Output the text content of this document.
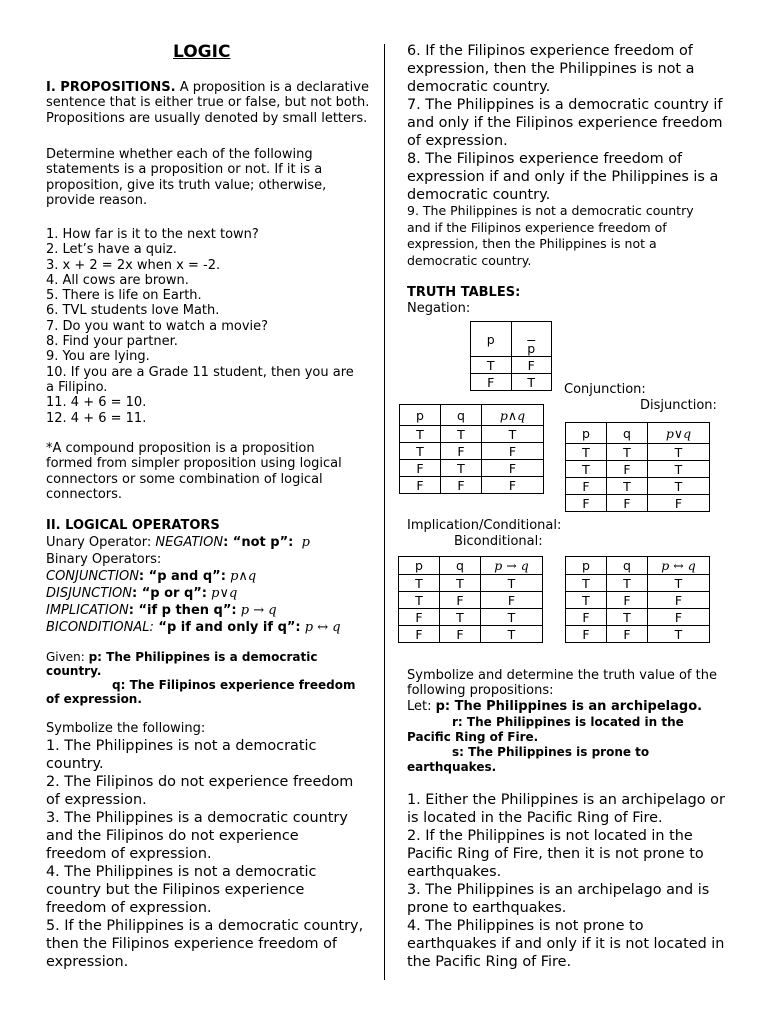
LOGIC
I. PROPOSITIONS. A proposition is a declarative
sentence that is either true or false, but not both.
Propositions are usually denoted by small letters.
Determine whether each of the following
statements is a proposition or not. If it is a
proposition, give its truth value; otherwise,
provide reason.
1. How far is it to the next town?
2. Let’s have a quiz.
3. x + 2 = 2x when x = -2.
4. All cows are brown.
5. There is life on Earth.
6. TVL students love Math.
7. Do you want to watch a movie?
8. Find your partner.
9. You are lying.
10. If you are a Grade 11 student, then you are
a Filipino.
11. 4 + 6 = 10.
12. 4 + 6 = 11.
*A compound proposition is a proposition
formed from simpler proposition using logical
connectors or some combination of logical
connectors.
II. LOGICAL OPERATORS
Unary Operator: NEGATION: “not p”: p
Binary Operators:
CONJUNCTION: “p and q”: p∧q
DISJUNCTION: “p or q”: p∨q
IMPLICATION: “if p then q”: p → q
BICONDITIONAL: “p if and only if q”: p ↔ q
Given: p: The Philippines is a democratic
country.
q: The Filipinos experience freedom
of expression.
Symbolize the following:
1. The Philippines is not a democratic
country.
2. The Filipinos do not experience freedom
of expression.
3. The Philippines is a democratic country
and the Filipinos do not experience
freedom of expression.
4. The Philippines is not a democratic
country but the Filipinos experience
freedom of expression.
5. If the Philippines is a democratic country,
then the Filipinos experience freedom of
expression.
6. If the Filipinos experience freedom of
expression, then the Philippines is not a
democratic country.
7. The Philippines is a democratic country if
and only if the Filipinos experience freedom
of expression.
8. The Filipinos experience freedom of
expression if and only if the Philippines is a
democratic country.
9. The Philippines is not a democratic country
and if the Filipinos experience freedom of
expression, then the Philippines is not a
democratic country.
TRUTH TABLES:
Negation:
p	$\overline{p}$
T	F
F	T Conjunction:
Disjunction:
p	q	p∧q
T	T	T
T	F	F
F	T	F
F	F	F
p	q	p∨q
T	T	T
T	F	T
F	T	T
F	F	F
Implication/Conditional:
Biconditional:
p	q	p → q
T	T	T
T	F	F
F	T	T
F	F	T
p	q	p ↔ q
T	T	T
T	F	F
F	T	F
F	F	T
Symbolize and determine the truth value of the
following propositions:
Let: p: The Philippines is an archipelago.
r: The Philippines is located in the
Pacific Ring of Fire.
s: The Philippines is prone to
earthquakes.
1. Either the Philippines is an archipelago or
is located in the Pacific Ring of Fire.
2. If the Philippines is not located in the
Pacific Ring of Fire, then it is not prone to
earthquakes.
3. The Philippines is an archipelago and is
prone to earthquakes.
4. The Philippines is not prone to
earthquakes if and only if it is not located in
the Pacific Ring of Fire.
